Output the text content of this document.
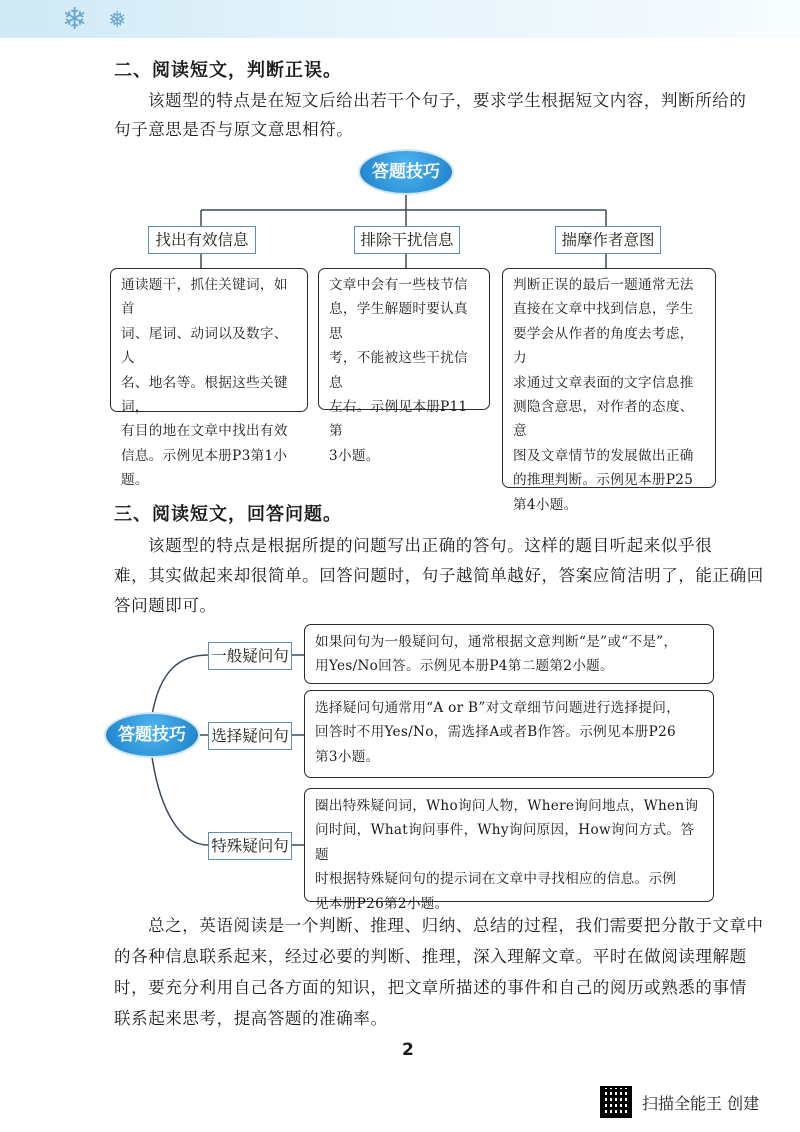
❄ ❅
二、阅读短文，判断正误。
该题型的特点是在短文后给出若干个句子，要求学生根据短文内容，判断所给的
句子意思是否与原文意思相符。
答题技巧
找出有效信息	排除干扰信息	揣摩作者意图
通读题干，抓住关键词，如首
词、尾词、动词以及数字、人
名、地名等。根据这些关键词，
有目的地在文章中找出有效
信息。示例见本册P3第1小题。
文章中会有一些枝节信
息，学生解题时要认真思
考，不能被这些干扰信息
左右。示例见本册P11第
3小题。
判断正误的最后一题通常无法
直接在文章中找到信息，学生
要学会从作者的角度去考虑，力
求通过文章表面的文字信息推
测隐含意思，对作者的态度、意
图及文章情节的发展做出正确
的推理判断。示例见本册P25
第4小题。
三、阅读短文，回答问题。
该题型的特点是根据所提的问题写出正确的答句。这样的题目听起来似乎很
难，其实做起来却很简单。回答问题时，句子越简单越好，答案应简洁明了，能正确回
答问题即可。
答题技巧
一般疑问句
选择疑问句
特殊疑问句
如果问句为一般疑问句，通常根据文意判断“是”或“不是”，
用Yes/No回答。示例见本册P4第二题第2小题。
选择疑问句通常用“A or B”对文章细节问题进行选择提问，
回答时不用Yes/No，需选择A或者B作答。示例见本册P26
第3小题。
圈出特殊疑问词，Who询问人物，Where询问地点，When询
问时间，What询问事件，Why询问原因，How询问方式。答题
时根据特殊疑问句的提示词在文章中寻找相应的信息。示例
见本册P26第2小题。
总之，英语阅读是一个判断、推理、归纳、总结的过程，我们需要把分散于文章中
的各种信息联系起来，经过必要的判断、推理，深入理解文章。平时在做阅读理解题
时，要充分利用自己各方面的知识，把文章所描述的事件和自己的阅历或熟悉的事情
联系起来思考，提高答题的准确率。
2
扫描全能王 创建
